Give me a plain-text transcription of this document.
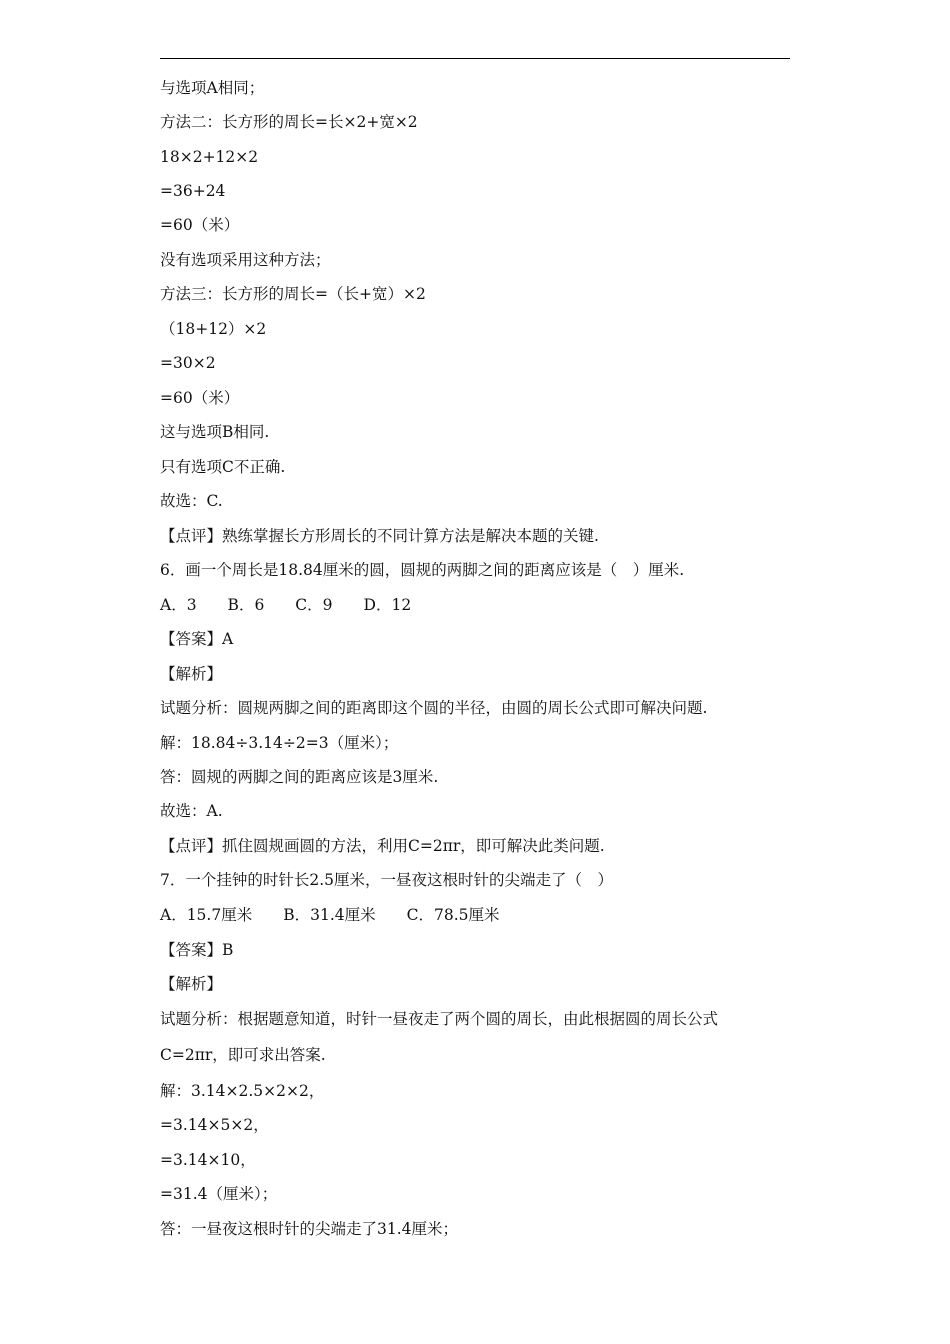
与选项A相同；
方法二：长方形的周长=长×2+宽×2
18×2+12×2
=36+24
=60（米）
没有选项采用这种方法；
方法三：长方形的周长=（长+宽）×2
（18+12）×2
=30×2
=60（米）
这与选项B相同.
只有选项C不正确.
故选：C.
【点评】熟练掌握长方形周长的不同计算方法是解决本题的关键.
6．画一个周长是18.84厘米的圆，圆规的两脚之间的距离应该是（　）厘米.
A．3　　B．6　　C．9　　D．12
【答案】A
【解析】
试题分析：圆规两脚之间的距离即这个圆的半径，由圆的周长公式即可解决问题.
解：18.84÷3.14÷2=3（厘米）；
答：圆规的两脚之间的距离应该是3厘米.
故选：A.
【点评】抓住圆规画圆的方法，利用C=2πr，即可解决此类问题.
7．一个挂钟的时针长2.5厘米，一昼夜这根时针的尖端走了（　）
A．15.7厘米　　B．31.4厘米　　C．78.5厘米
【答案】B
【解析】
试题分析：根据题意知道，时针一昼夜走了两个圆的周长，由此根据圆的周长公式
C=2πr，即可求出答案.
解：3.14×2.5×2×2，
=3.14×5×2，
=3.14×10，
=31.4（厘米）；
答：一昼夜这根时针的尖端走了31.4厘米；
